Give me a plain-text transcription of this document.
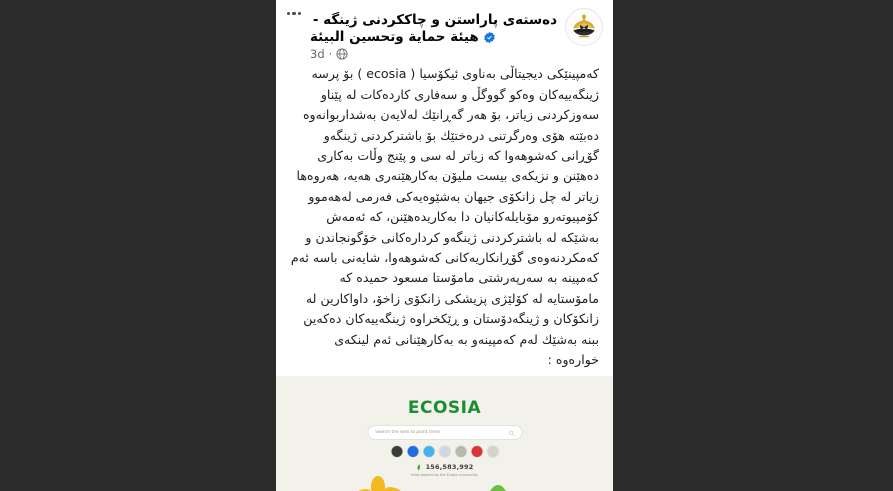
دەستەی پاراستن و چاککردنی ژینگە -
هيئة حماية وتحسين البيئة
3d ·

کەمپینێکی دیجیتاڵی بەناوی ئیکۆسیا ( ecosia ) بۆ پرسە ژینگەییەکان وەکو گووگڵ و سەفاری کاردەکات لە پێناو سەوزکردنی زیاتر، بۆ هەر گەڕانێك لەلایەن بەشداربوانەوە دەبێتە هۆی وەرگرتنی درەختێك بۆ باشترکردنی ژینگەو گۆڕانی کەشوهەوا کە زیاتر لە سی و پێنج وڵات بەکاری دەهێنن و نزیکەی بیست ملیۆن بەکارهێنەری هەیە، هەروەها زیاتر لە چل زانکۆی جیهان بەشێوەیەکی فەرمی لەهەموو کۆمپیوتەرو مۆبایلەکانیان دا بەکاریدەهێنن، کە ئەمەش بەشێکە لە باشترکردنی ژینگەو کردارەکانی خۆگونجاندن و کەمکردنەوەی گۆڕانکاریەکانی کەشوهەوا، شایەنی باسە ئەم کەمپینە بە سەرپەرشتی مامۆستا مسعود حمیدە کە مامۆستایە لە کۆلێژی پزیشکی زانکۆی زاخۆ، داواکارین لە زانکۆکان و ژینگەدۆستان و ڕێکخراوە ژینگەییەکان دەکەین ببنە بەشێك لەم کەمپینەو بە بەکارهێنانی ئەم لینکەی خوارەوە :

ECOSIA
Search the web to plant trees
156,583,992
trees planted by the Ecosia community
